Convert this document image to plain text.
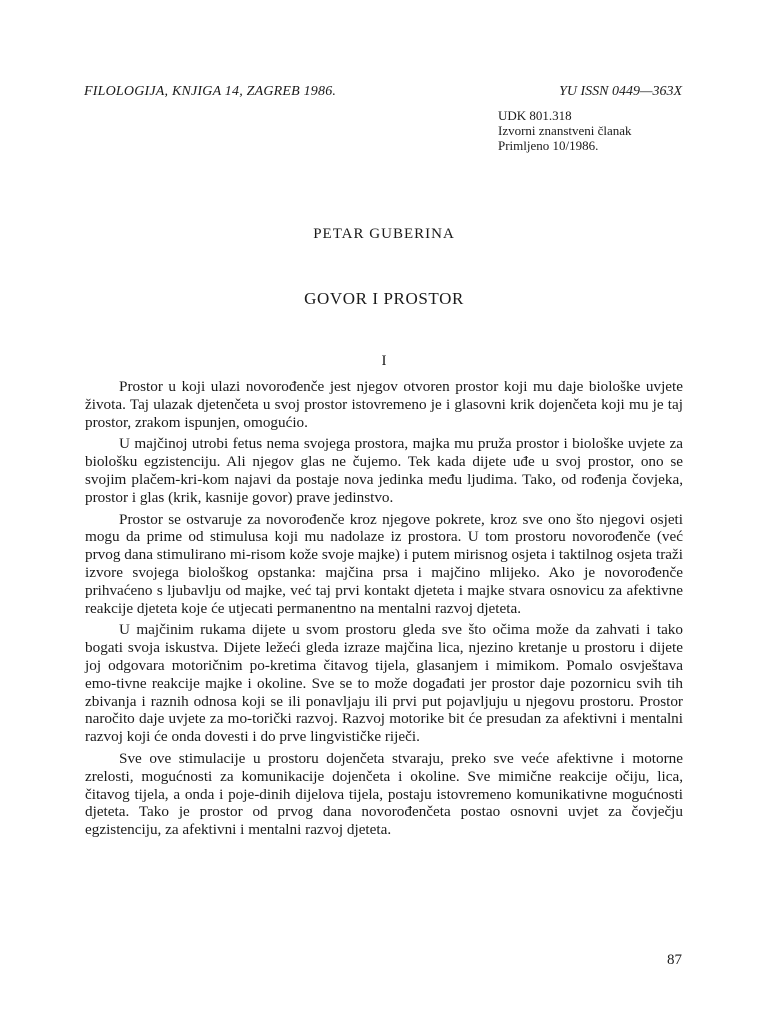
FILOLOGIJA, KNJIGA 14, ZAGREB 1986.	YU ISSN 0449—363X
UDK 801.318
Izvorni znanstveni članak
Primljeno 10/1986.
PETAR GUBERINA
GOVOR I PROSTOR
I

Prostor u koji ulazi novorođenče jest njegov otvoren prostor koji mu daje biološke uvjete života. Taj ulazak djetenčeta u svoj prostor istovremeno je i glasovni krik dojenčeta koji mu je taj prostor, zrakom ispunjen, omogućio.

U majčinoj utrobi fetus nema svojega prostora, majka mu pruža prostor i biološke uvjete za biološku egzistenciju. Ali njegov glas ne čujemo. Tek kada dijete uđe u svoj prostor, ono se svojim plačem-kri-kom najavi da postaje nova jedinka među ljudima. Tako, od rođenja čovjeka, prostor i glas (krik, kasnije govor) prave jedinstvo.

Prostor se ostvaruje za novorođenče kroz njegove pokrete, kroz sve ono što njegovi osjeti mogu da prime od stimulusa koji mu nadolaze iz prostora. U tom prostoru novorođenče (već prvog dana stimulirano mi-risom kože svoje majke) i putem mirisnog osjeta i taktilnog osjeta traži izvore svojega biološkog opstanka: majčina prsa i majčino mlijeko. Ako je novorođenče prihvaćeno s ljubavlju od majke, već taj prvi kontakt djeteta i majke stvara osnovicu za afektivne reakcije djeteta koje će utjecati permanentno na mentalni razvoj djeteta.

U majčinim rukama dijete u svom prostoru gleda sve što očima može da zahvati i tako bogati svoja iskustva. Dijete ležeći gleda izraze majčina lica, njezino kretanje u prostoru i dijete joj odgovara motoričnim po-kretima čitavog tijela, glasanjem i mimikom. Pomalo osvještava emo-tivne reakcije majke i okoline. Sve se to može događati jer prostor daje pozornicu svih tih zbivanja i raznih odnosa koji se ili ponavljaju ili prvi put pojavljuju u njegovu prostoru. Prostor naročito daje uvjete za mo-torički razvoj. Razvoj motorike bit će presudan za afektivni i mentalni razvoj koji će onda dovesti i do prve lingvističke riječi.

Sve ove stimulacije u prostoru dojenčeta stvaraju, preko sve veće afektivne i motorne zrelosti, mogućnosti za komunikacije dojenčeta i okoline. Sve mimične reakcije očiju, lica, čitavog tijela, a onda i poje-dinih dijelova tijela, postaju istovremeno komunikativne mogućnosti djeteta. Tako je prostor od prvog dana novorođenčeta postao osnovni uvjet za čovječju egzistenciju, za afektivni i mentalni razvoj djeteta.

87
